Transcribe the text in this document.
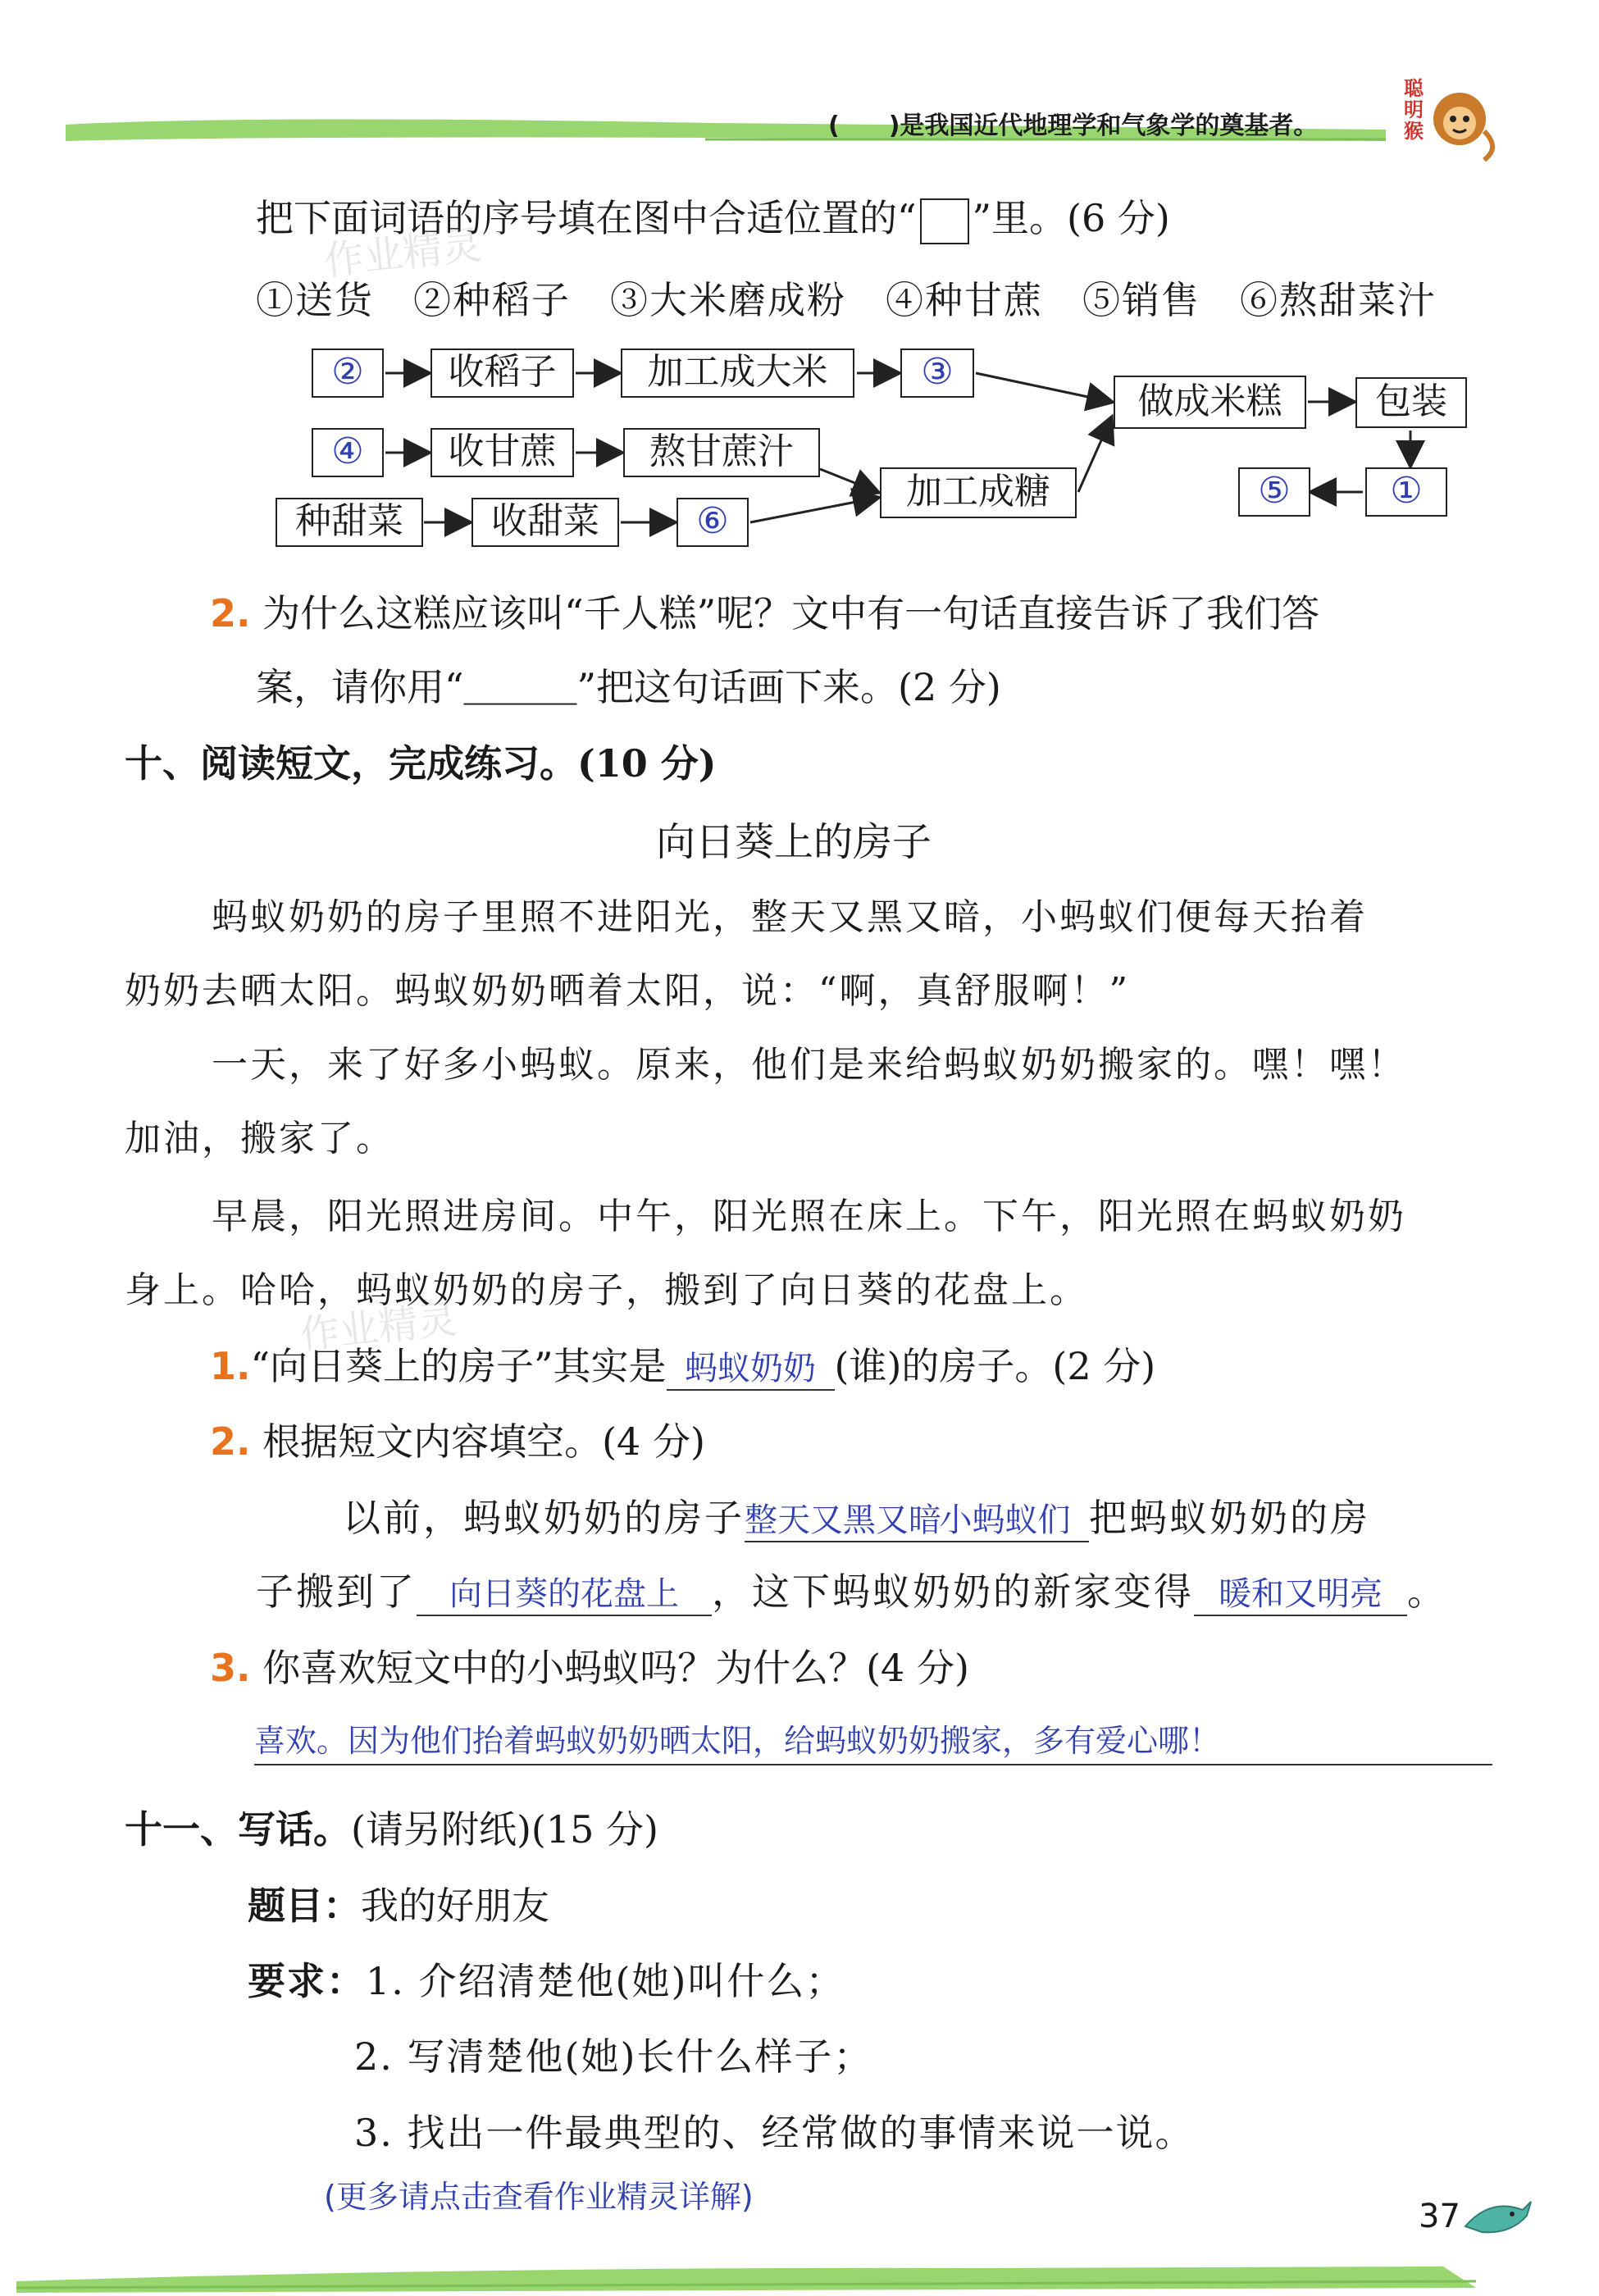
(　　)是我国近代地理学和气象学的奠基者。
聪明猴
把下面词语的序号填在图中合适位置的“ ”里。(6 分)
①送货　②种稻子　③大米磨成粉　④种甘蔗　⑤销售　⑥熬甜菜汁
②	收稻子	加工成大米	③
④	收甘蔗	熬甘蔗汁
种甜菜	收甜菜	⑥
加工成糖
做成米糕	包装
⑤	①
2. 为什么这糕应该叫“千人糕”呢？文中有一句话直接告诉了我们答
案，请你用“＿＿＿”把这句话画下来。(2 分)
十、阅读短文，完成练习。(10 分)
向日葵上的房子
蚂蚁奶奶的房子里照不进阳光，整天又黑又暗，小蚂蚁们便每天抬着
奶奶去晒太阳。蚂蚁奶奶晒着太阳，说：“啊，真舒服啊！”
一天，来了好多小蚂蚁。原来，他们是来给蚂蚁奶奶搬家的。嘿！嘿！
加油，搬家了。
早晨，阳光照进房间。中午，阳光照在床上。下午，阳光照在蚂蚁奶奶
身上。哈哈，蚂蚁奶奶的房子，搬到了向日葵的花盘上。
1.“向日葵上的房子”其实是 蚂蚁奶奶 (谁)的房子。(2 分)
2. 根据短文内容填空。(4 分)
以前，蚂蚁奶奶的房子整天又黑又暗小蚂蚁们 把蚂蚁奶奶的房
子搬到了 向日葵的花盘上 ，这下蚂蚁奶奶的新家变得 暖和又明亮 。
3. 你喜欢短文中的小蚂蚁吗？为什么？(4 分)
喜欢。因为他们抬着蚂蚁奶奶晒太阳，给蚂蚁奶奶搬家，多有爱心哪！
十一、写话。(请另附纸)(15 分)
题目：我的好朋友
要求：1. 介绍清楚他(她)叫什么；
2. 写清楚他(她)长什么样子；
3. 找出一件最典型的、经常做的事情来说一说。
(更多请点击查看作业精灵详解)
37
作业精灵
作业精灵
